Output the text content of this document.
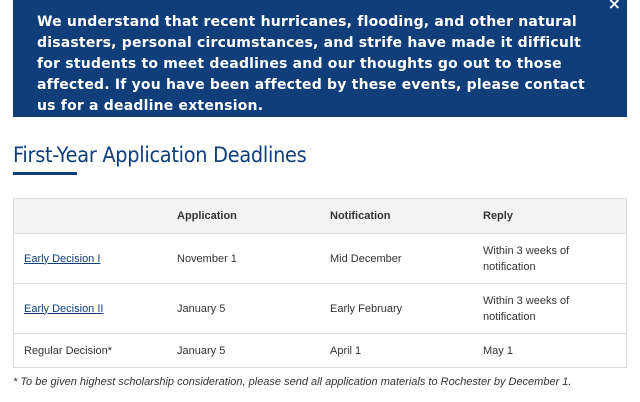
We understand that recent hurricanes, flooding, and other natural disasters, personal circumstances, and strife have made it difficult for students to meet deadlines and our thoughts go out to those affected. If you have been affected by these events, please contact us for a deadline extension.

×
First-Year Application Deadlines
	Application	Notification	Reply
Early Decision I	November 1	Mid December	Within 3 weeks of notification
Early Decision II	January 5	Early February	Within 3 weeks of notification
Regular Decision*	January 5	April 1	May 1

* To be given highest scholarship consideration, please send all application materials to Rochester by December 1.
